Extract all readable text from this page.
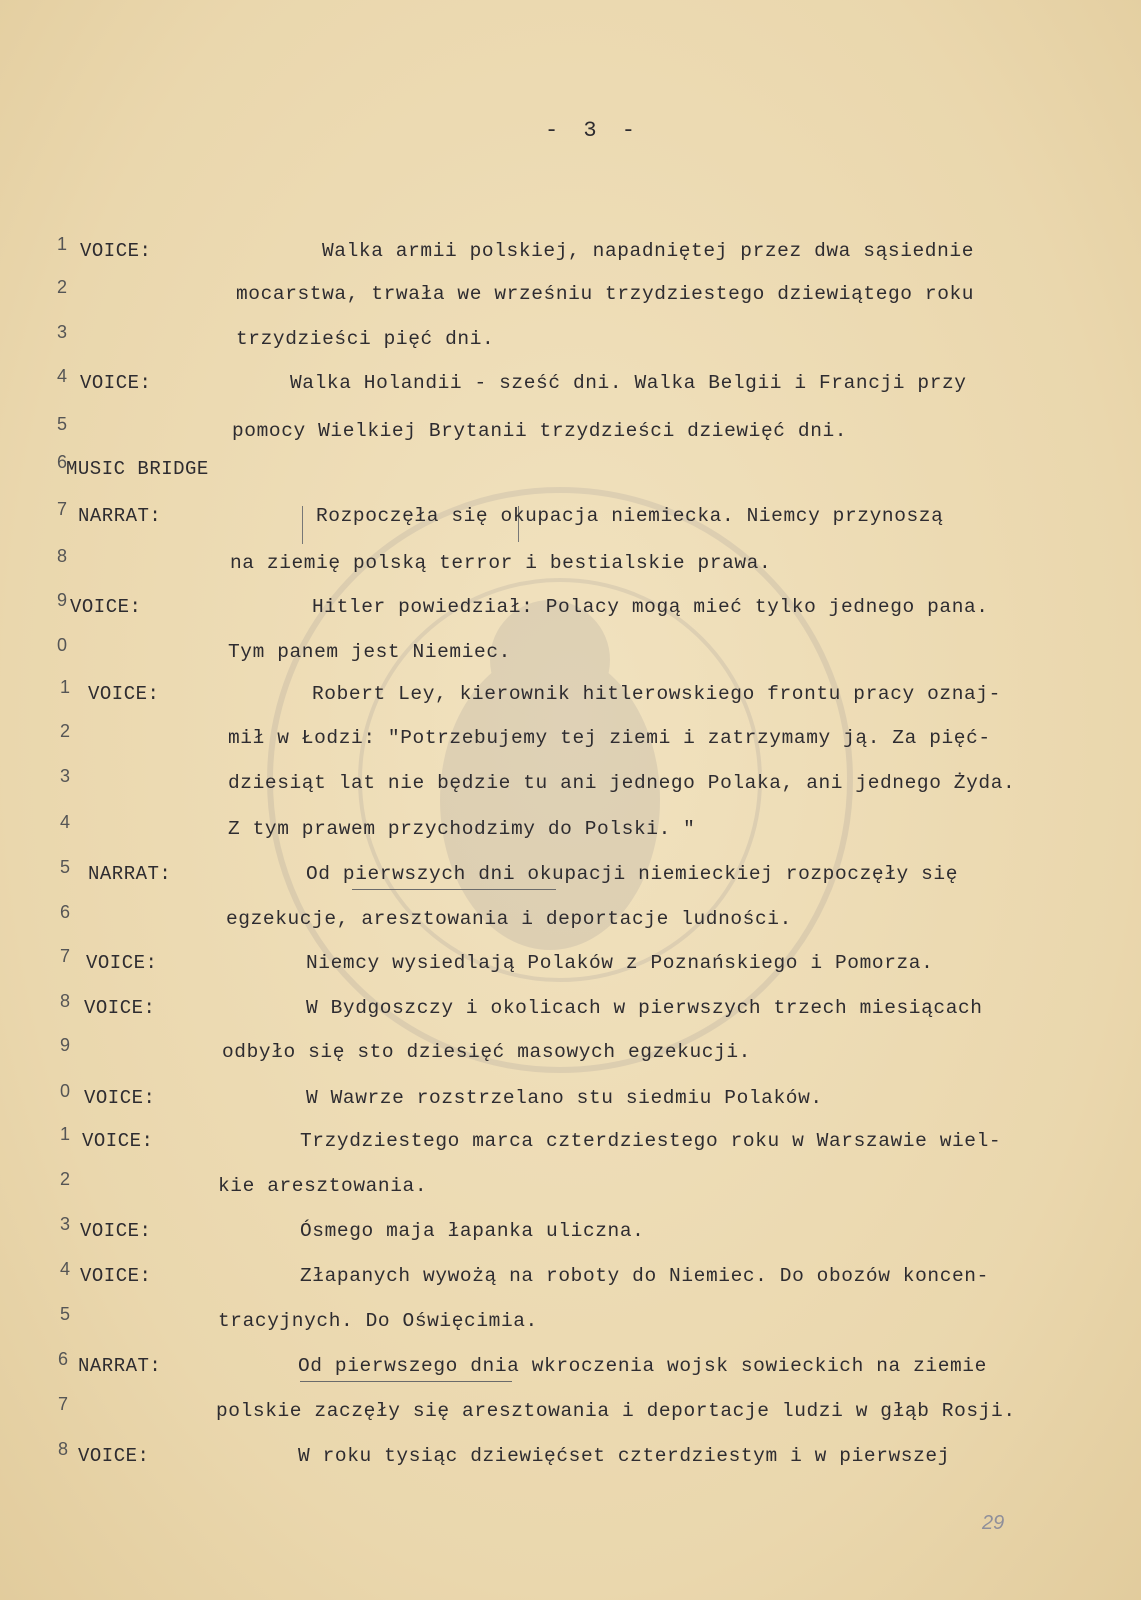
- 3 -
1 VOICE:	Walka armii polskiej, napadniętej przez dwa sąsiednie
2	mocarstwa, trwała we wrześniu trzydziestego dziewiątego roku
3	trzydzieści pięć dni.
4 VOICE:	Walka Holandii - sześć dni. Walka Belgii i Francji przy
5	pomocy Wielkiej Brytanii trzydzieści dziewięć dni.
6
MUSIC BRIDGE
7 NARRAT:	Rozpoczęła się okupacja niemiecka. Niemcy przynoszą
8	na ziemię polską terror i bestialskie prawa.
9 VOICE:	Hitler powiedział: Polacy mogą mieć tylko jednego pana.
0	Tym panem jest Niemiec.
1 VOICE:	Robert Ley, kierownik hitlerowskiego frontu pracy oznaj-
2	mił w Łodzi: "Potrzebujemy tej ziemi i zatrzymamy ją. Za pięć-
3	dziesiąt lat nie będzie tu ani jednego Polaka, ani jednego Żyda.
4	Z tym prawem przychodzimy do Polski. "
5 NARRAT:	Od pierwszych dni okupacji niemieckiej rozpoczęły się
6	egzekucje, aresztowania i deportacje ludności.
7 VOICE:	Niemcy wysiedlają Polaków z Poznańskiego i Pomorza.
8 VOICE:	W Bydgoszczy i okolicach w pierwszych trzech miesiącach
9	odbyło się sto dziesięć masowych egzekucji.
0 VOICE:	W Wawrze rozstrzelano stu siedmiu Polaków.
1 VOICE:	Trzydziestego marca czterdziestego roku w Warszawie wiel-
2	kie aresztowania.
3 VOICE:	Ósmego maja łapanka uliczna.
4 VOICE:	Złapanych wywożą na roboty do Niemiec. Do obozów koncen-
5	tracyjnych. Do Oświęcimia.
6 NARRAT:	Od pierwszego dnia wkroczenia wojsk sowieckich na ziemie
7	polskie zaczęły się aresztowania i deportacje ludzi w głąb Rosji.
8 VOICE:	W roku tysiąc dziewięćset czterdziestym i w pierwszej
29
